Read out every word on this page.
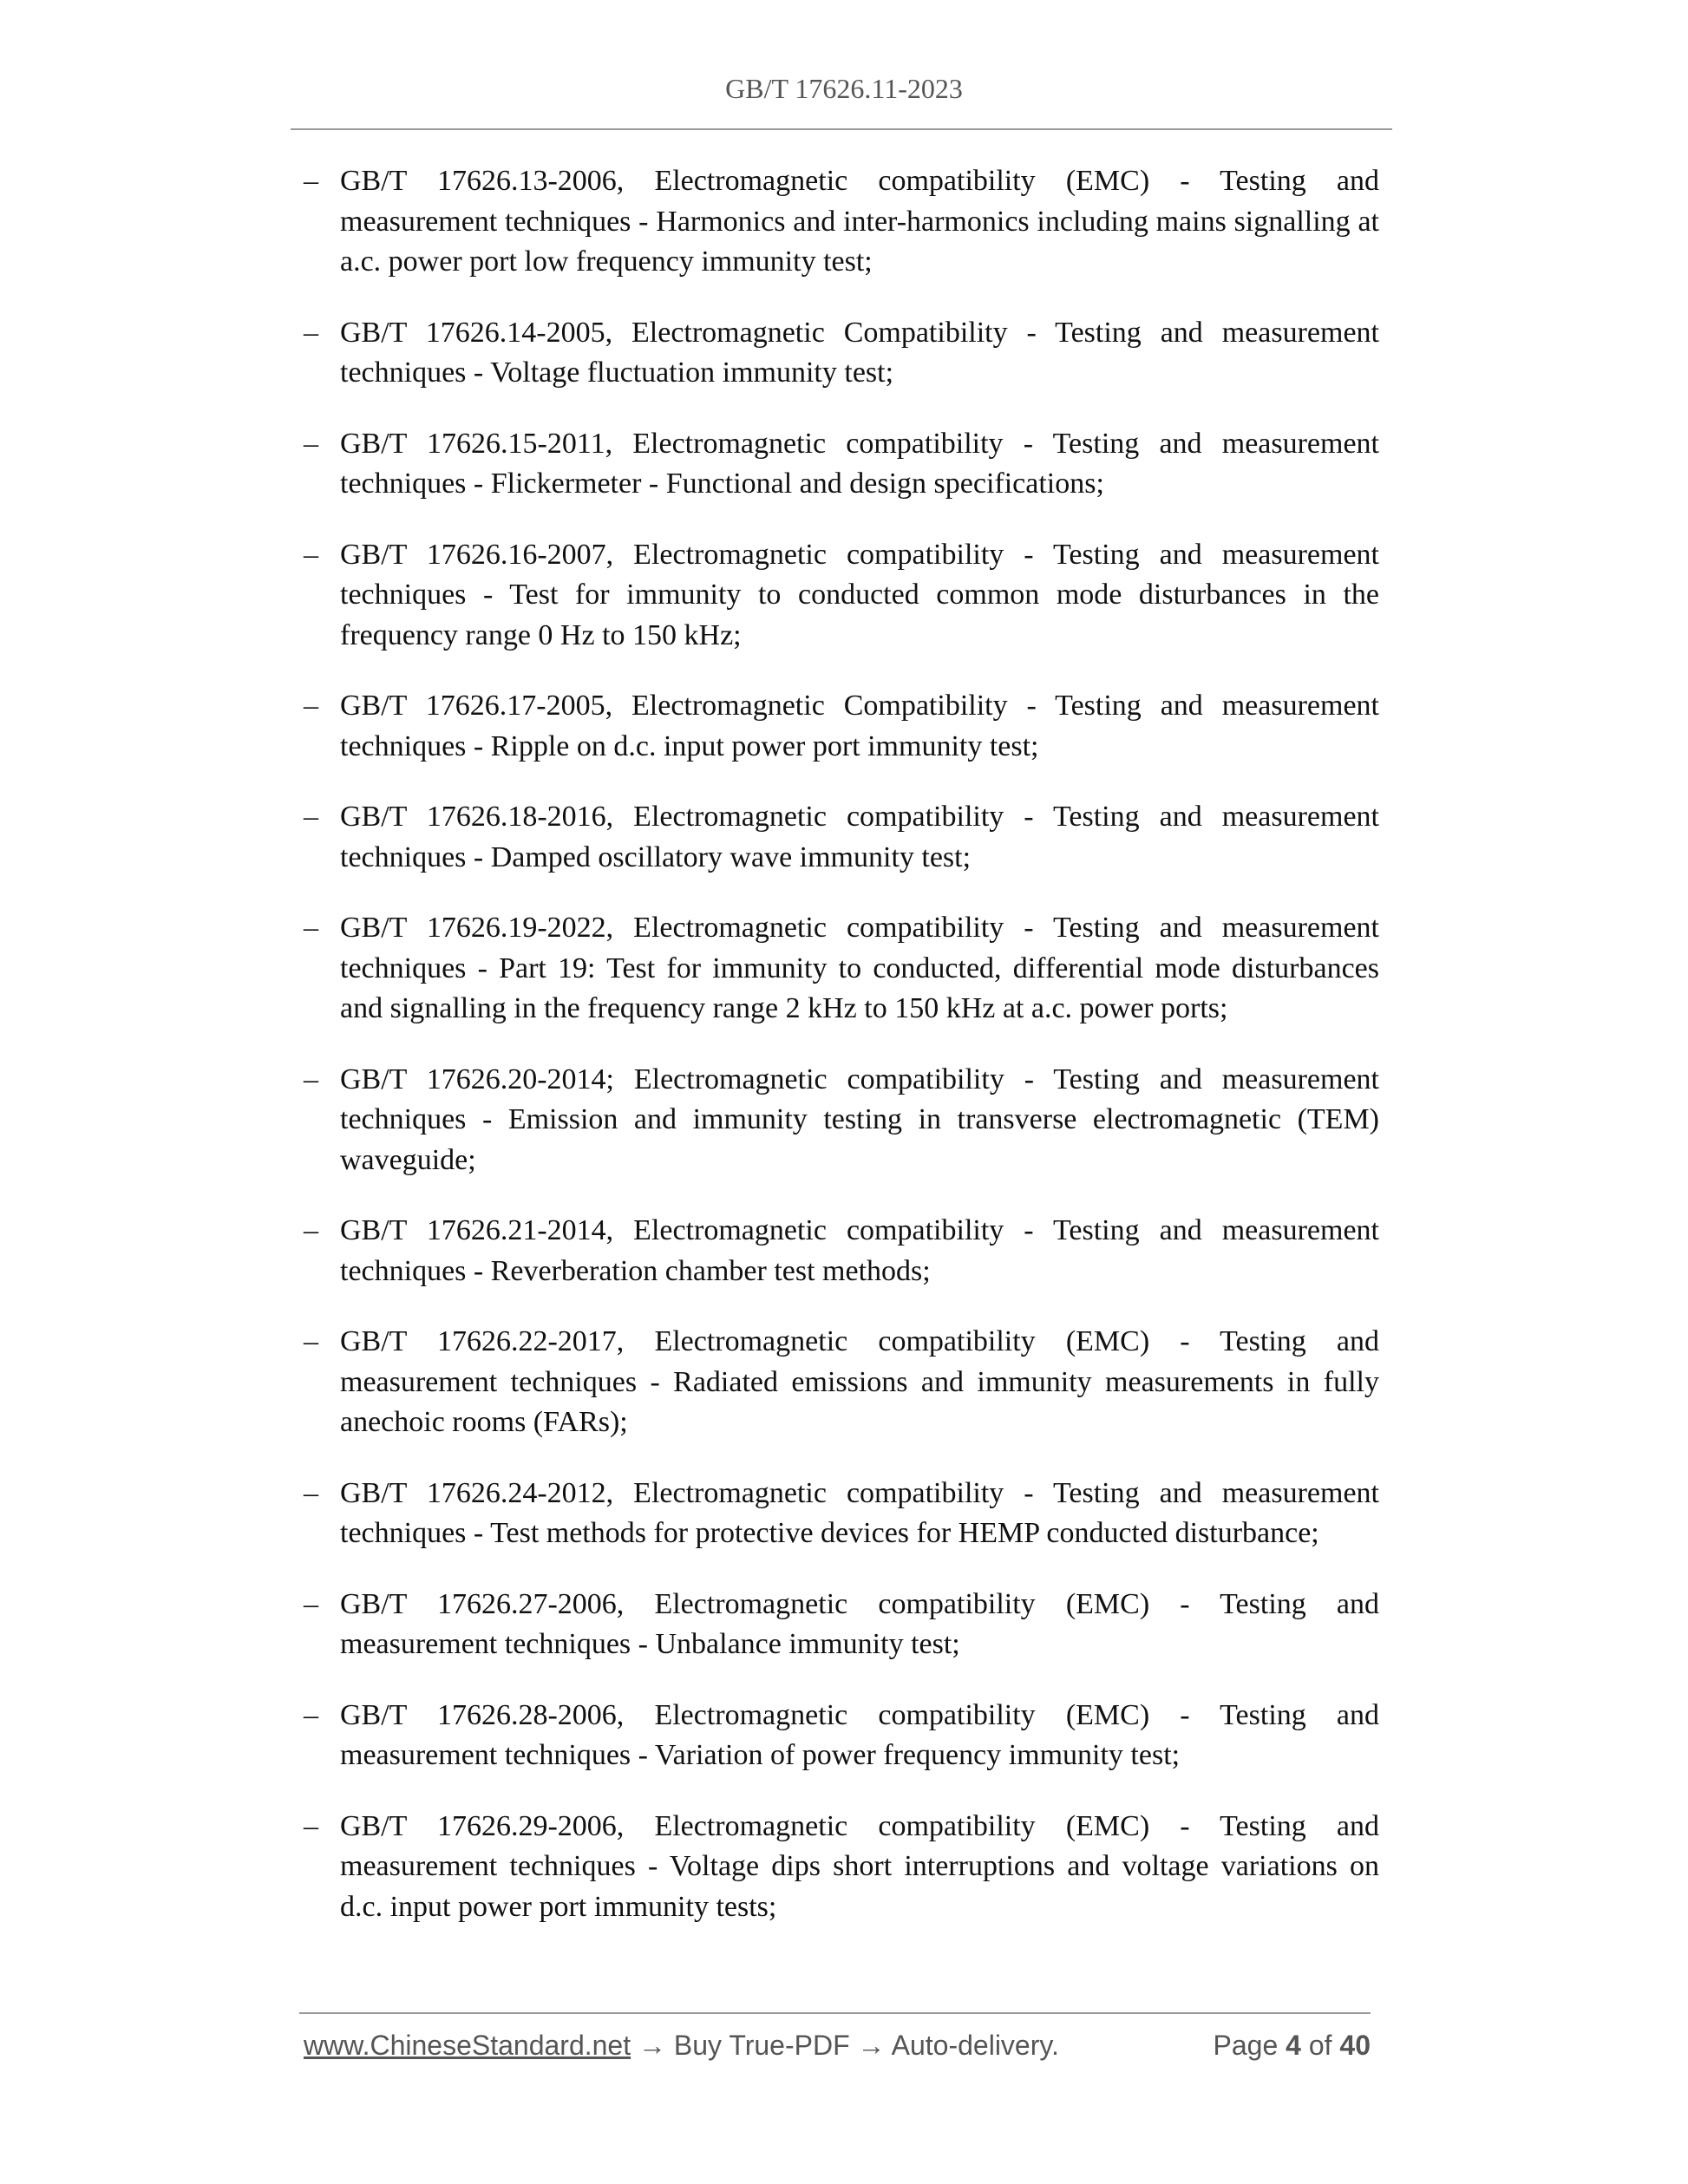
GB/T 17626.11-2023
– GB/T 17626.13-2006, Electromagnetic compatibility (EMC) - Testing and measurement techniques - Harmonics and inter-harmonics including mains signalling at a.c. power port low frequency immunity test;
– GB/T 17626.14-2005, Electromagnetic Compatibility - Testing and measurement techniques - Voltage fluctuation immunity test;
– GB/T 17626.15-2011, Electromagnetic compatibility - Testing and measurement techniques - Flickermeter - Functional and design specifications;
– GB/T 17626.16-2007, Electromagnetic compatibility - Testing and measurement techniques - Test for immunity to conducted common mode disturbances in the frequency range 0 Hz to 150 kHz;
– GB/T 17626.17-2005, Electromagnetic Compatibility - Testing and measurement techniques - Ripple on d.c. input power port immunity test;
– GB/T 17626.18-2016, Electromagnetic compatibility - Testing and measurement techniques - Damped oscillatory wave immunity test;
– GB/T 17626.19-2022, Electromagnetic compatibility - Testing and measurement techniques - Part 19: Test for immunity to conducted, differential mode disturbances and signalling in the frequency range 2 kHz to 150 kHz at a.c. power ports;
– GB/T 17626.20-2014; Electromagnetic compatibility - Testing and measurement techniques - Emission and immunity testing in transverse electromagnetic (TEM) waveguide;
– GB/T 17626.21-2014, Electromagnetic compatibility - Testing and measurement techniques - Reverberation chamber test methods;
– GB/T 17626.22-2017, Electromagnetic compatibility (EMC) - Testing and measurement techniques - Radiated emissions and immunity measurements in fully anechoic rooms (FARs);
– GB/T 17626.24-2012, Electromagnetic compatibility - Testing and measurement techniques - Test methods for protective devices for HEMP conducted disturbance;
– GB/T 17626.27-2006, Electromagnetic compatibility (EMC) - Testing and measurement techniques - Unbalance immunity test;
– GB/T 17626.28-2006, Electromagnetic compatibility (EMC) - Testing and measurement techniques - Variation of power frequency immunity test;
– GB/T 17626.29-2006, Electromagnetic compatibility (EMC) - Testing and measurement techniques - Voltage dips short interruptions and voltage variations on d.c. input power port immunity tests;
www.ChineseStandard.net → Buy True-PDF → Auto-delivery.	Page 4 of 40
